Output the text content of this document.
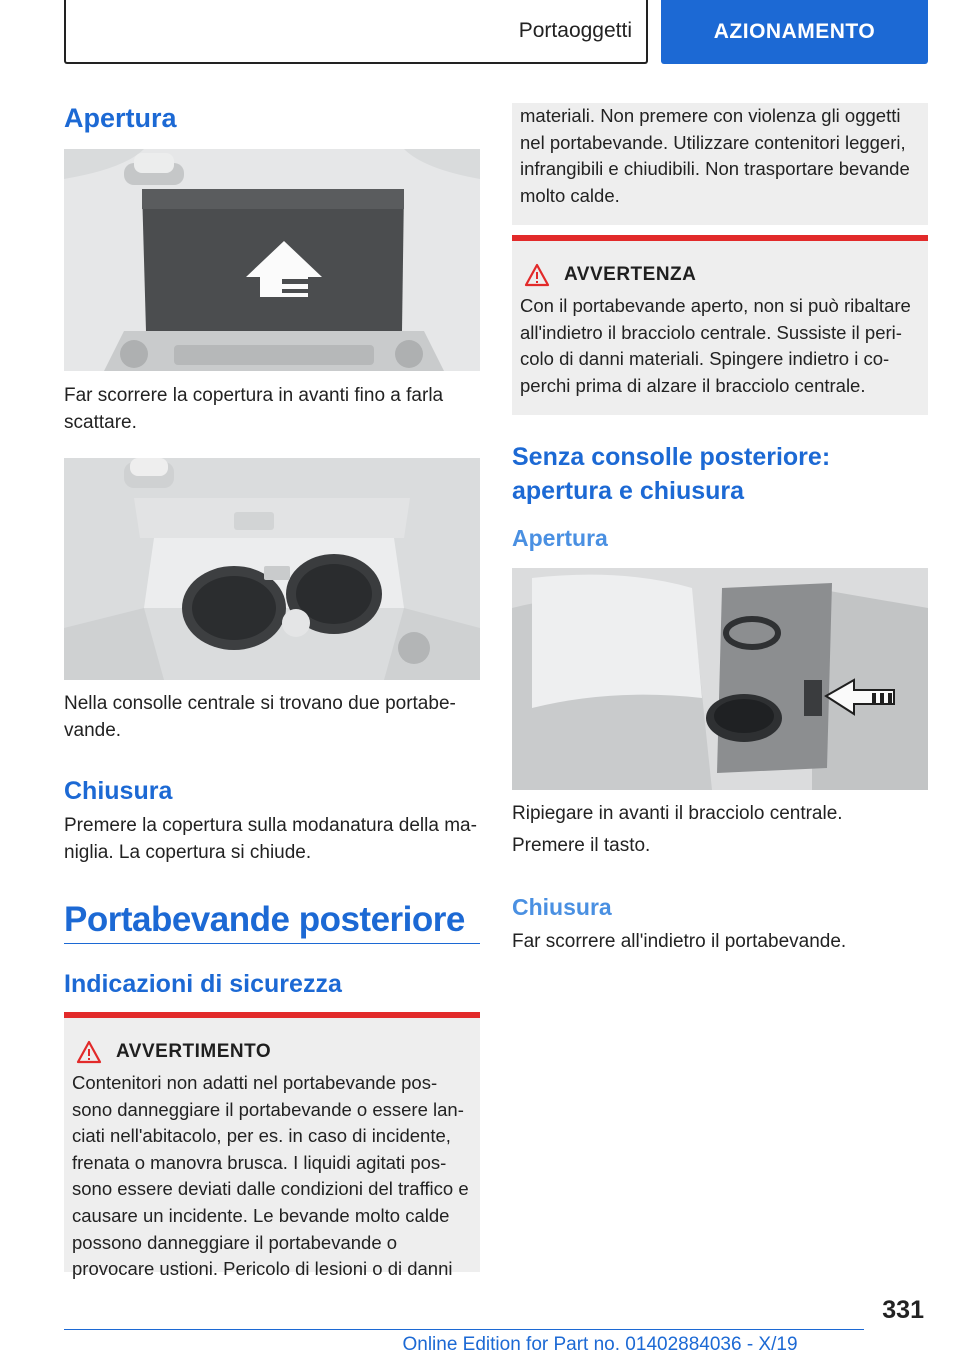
Portaoggetti	AZIONAMENTO
Apertura

Far scorrere la copertura in avanti fino a farla scattare.

Nella consolle centrale si trovano due portabe-vande.

Chiusura

Premere la copertura sulla modanatura della ma-niglia. La copertura si chiude.

Portabevande posteriore
Indicazioni di sicurezza
AVVERTIMENTO

Contenitori non adatti nel portabevande pos-sono danneggiare il portabevande o essere lan-ciati nell'abitacolo, per es. in caso di incidente, frenata o manovra brusca. I liquidi agitati pos-sono essere deviati dalle condizioni del traffico e causare un incidente. Le bevande molto calde possono danneggiare il portabevande o provocare ustioni. Pericolo di lesioni o di danni

materiali. Non premere con violenza gli oggetti nel portabevande. Utilizzare contenitori leggeri, infrangibili e chiudibili. Non trasportare bevande molto calde.

AVVERTENZA

Con il portabevande aperto, non si può ribaltare all'indietro il bracciolo centrale. Sussiste il peri-colo di danni materiali. Spingere indietro i co-perchi prima di alzare il bracciolo centrale.

Senza consolle posteriore: apertura e chiusura
Apertura

Ripiegare in avanti il bracciolo centrale.

Premere il tasto.

Chiusura

Far scorrere all'indietro il portabevande.

331
Online Edition for Part no. 01402884036 - X/19
